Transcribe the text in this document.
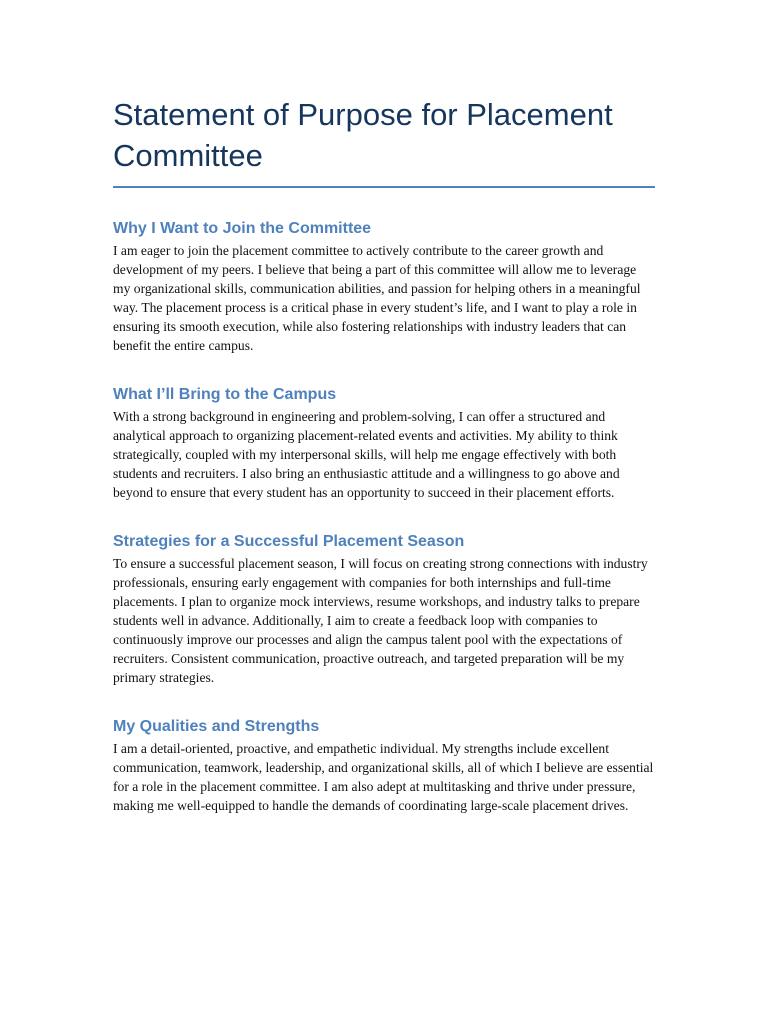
Statement of Purpose for Placement Committee
Why I Want to Join the Committee

I am eager to join the placement committee to actively contribute to the career growth and development of my peers. I believe that being a part of this committee will allow me to leverage my organizational skills, communication abilities, and passion for helping others in a meaningful way. The placement process is a critical phase in every student’s life, and I want to play a role in ensuring its smooth execution, while also fostering relationships with industry leaders that can benefit the entire campus.

What I’ll Bring to the Campus

With a strong background in engineering and problem-solving, I can offer a structured and analytical approach to organizing placement-related events and activities. My ability to think strategically, coupled with my interpersonal skills, will help me engage effectively with both students and recruiters. I also bring an enthusiastic attitude and a willingness to go above and beyond to ensure that every student has an opportunity to succeed in their placement efforts.

Strategies for a Successful Placement Season

To ensure a successful placement season, I will focus on creating strong connections with industry professionals, ensuring early engagement with companies for both internships and full-time placements. I plan to organize mock interviews, resume workshops, and industry talks to prepare students well in advance. Additionally, I aim to create a feedback loop with companies to continuously improve our processes and align the campus talent pool with the expectations of recruiters. Consistent communication, proactive outreach, and targeted preparation will be my primary strategies.

My Qualities and Strengths

I am a detail-oriented, proactive, and empathetic individual. My strengths include excellent communication, teamwork, leadership, and organizational skills, all of which I believe are essential for a role in the placement committee. I am also adept at multitasking and thrive under pressure, making me well-equipped to handle the demands of coordinating large-scale placement drives.
